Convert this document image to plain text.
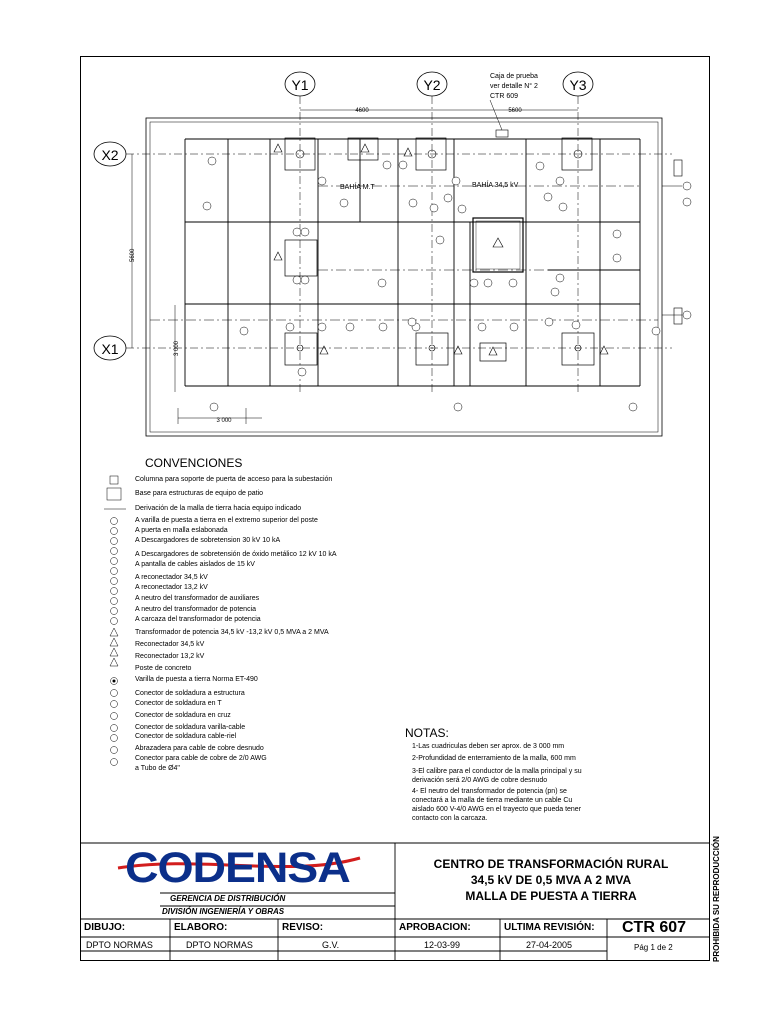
Y1	Y2	Y3
X2
X1
4600	5600
5600
3 000
3 000
Caja de prueba ver detalle N° 2 CTR 609
BAHÍA M.T	BAHÍA 34,5 kV
CONVENCIONES
Columna para soporte de puerta de acceso para la subestación
Base para estructuras de equipo de patio
Derivación de la malla de tierra hacia equipo indicado
A varilla de puesta a tierra en el extremo superior del poste
A puerta en malla eslabonada
A Descargadores de sobretension 30 kV 10 kA
A Descargadores de sobretensión de óxido metálico 12 kV 10 kA
A pantalla de cables aislados de 15 kV
A reconectador 34,5 kV
A reconectador 13,2 kV
A neutro del transformador de auxiliares
A neutro del transformador de potencia
A carcaza del transformador de potencia
Transformador de potencia 34,5 kV -13,2 kV 0,5 MVA a 2 MVA
Reconectador 34,5 kV
Reconectador 13,2 kV
Poste de concreto
Varilla de puesta a tierra Norma ET-490
Conector de soldadura a estructura
Conector de soldadura en T
Conector de soldadura en cruz
Conector de soldadura varilla-cable
Conector de soldadura cable-riel
Abrazadera para cable de cobre desnudo
Conector para cable de cobre de 2/0 AWG
a Tubo de Ø4"
NOTAS:
1-Las cuadriculas deben ser aprox. de 3 000 mm
2-Profundidad de enterramiento de la malla, 600 mm
3-El calibre para el conductor de la malla principal y su
derivación será 2/0 AWG de cobre desnudo
4- El neutro del transformador de potencia (pn) se
conectará a la malla de tierra mediante un cable Cu
aislado 600 V-4/0 AWG en el trayecto que pueda tener
contacto con la carcaza.
CODENSA
GERENCIA DE DISTRIBUCIÓN
DIVISIÓN INGENIERÍA Y OBRAS
CENTRO DE TRANSFORMACIÓN RURAL
34,5 kV DE 0,5 MVA A 2 MVA
MALLA DE PUESTA A TIERRA
DIBUJO:	ELABORO:	REVISO:	APROBACION:	ULTIMA REVISIÓN:
DPTO NORMAS	DPTO NORMAS	G.V.	12-03-99	27-04-2005
CTR 607
Pág 1 de 2	PROHIBIDA SU REPRODUCCIÓN
